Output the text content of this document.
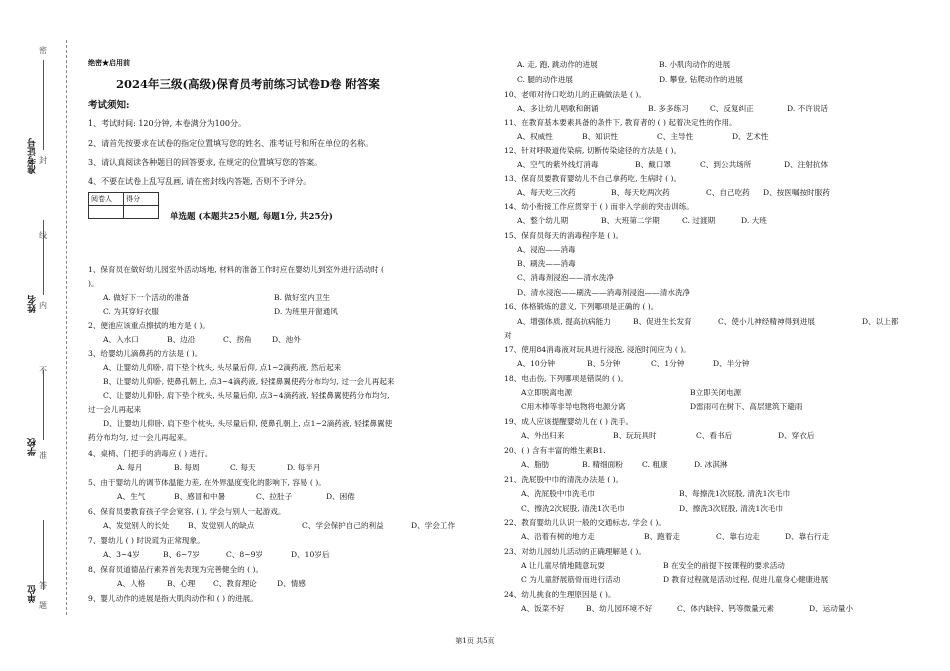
准考证号
姓名
学校
单位
密
封
线
内
不
准
答
题
绝密★启用前
2024年三级(高级)保育员考前练习试卷D卷 附答案
考试须知:
1、考试时间: 120分钟, 本卷满分为100分。
2、请首先按要求在试卷的指定位置填写您的姓名、准考证号和所在单位的名称。
3、请认真阅读各种题目的回答要求, 在规定的位置填写您的答案。
4、不要在试卷上乱写乱画, 请在密封线内答题, 否则不予评分。
阅卷人	得分

单选题 (本题共25小题, 每题1分, 共25分)
1、保育员在做好幼儿园室外活动场地, 材料的准备工作时应在婴幼儿到室外进行活动时 (
)。
A. 做好下一个活动的准备	B. 做好室内卫生
C. 为其穿好衣服	D. 为班里开窗通风
2、便池应该重点擦拭的地方是 ( )。
A、入水口	B、边沿	C、拐角	D、池外
3、给婴幼儿滴鼻药的方法是 ( )。
A、让婴幼儿仰卧, 肩下垫个枕头, 头尽量后仰, 点1~2滴药液, 然后起来
B、让婴幼儿仰卧, 使鼻孔朝上, 点3~4滴药液, 轻揉鼻翼使药分布均匀, 过一会儿再起来
C、让婴幼儿仰卧, 肩下垫个枕头, 头尽量后仰, 点3~4滴药液, 轻揉鼻翼使药分布均匀,
过一会儿再起来
D、让婴幼儿仰卧, 肩下垫个枕头, 头尽量后仰, 使鼻孔朝上, 点1~2滴药液, 轻揉鼻翼使
药分布均匀, 过一会儿再起来。
4、桌椅、门把手的消毒应 ( ) 进行。
A. 每月	B. 每周	C. 每天	D. 每半月
5、由于婴幼儿的调节体温能力差, 在外界温度变化的影响下, 容易 ( )。
A、生气	B、感冒和中暑	C、拉肚子	D、困倦
6、保育员要教育孩子学会宽容, ( ), 学会与别人一起游戏。
A、发觉别人的长处 B、发觉别人的缺点	C、学会保护自己的利益	D、学会工作
7、婴幼儿 ( ) 时说谎为正常现象。
A、3~4岁	B、6~7岁	C、8~9岁	D、10岁后
8、保育员道德品行素养首先表现为完善健全的 ( )。
A、人格	B、心理 C、教育理论	D、情感
9、婴儿动作的进展是指大肌肉动作和 ( ) 的进展。
A. 走, 跑, 跳动作的进展	B. 小肌肉动作的进展
C. 腿的动作进展	D. 攀登, 钻爬动作的进展
10、老师对待口吃幼儿的正确做法是 ( )。
A、多让幼儿唱歌和朗诵	B. 多多练习	C、反复纠正	D. 不许说话
11、在教育基本要素具备的条件下, 教育者的 ( ) 起着决定性的作用。
A、权威性	B、知识性	C、主导性	D、艺术性
12、针对呼吸道传染病, 切断传染途径的方法是 ( )。
A、空气的紫外线灯消毒	B、戴口罩	C、到公共场所	D、注射抗体
13、保育员要教育婴幼儿不自己拿药吃, 生病时 ( )。
A、每天吃三次药	B、每天吃两次药	C、自己吃药 D、按医嘱按时服药
14、幼小衔接工作应贯穿于 ( ) 而非入学前的突击训练。
A、整个幼儿期	B、大班第二学期	C. 过渡期	D. 大班
15、保育员每天的消毒程序是 ( )。
A、浸泡——消毒
B、刷洗——消毒
C、消毒剂浸泡——清水洗净
D、清水浸泡——刷洗——消毒剂浸泡——清水洗净
16、体格锻炼的意义, 下列哪项是正确的 ( )。
A、增强体质, 提高抗病能力	B、促进生长发育	C、使小儿神经精神得到进展	D、以上都
对
17、使用84消毒液对玩具进行浸泡, 浸泡时间应为 ( )。
A、10分钟	B、5分钟	C、1分钟	D、半分钟
18、电击伤, 下列哪项是错误的 ( )。
A立即脱离电源	B立即关闭电源
C用木棒等非导电物将电源分离	D雷雨可在树下、高层建筑下避雨
19、成人应该提醒婴幼儿在 ( ) 洗手。
A、外出归来	B、玩玩具时	C、看书后	D、穿衣后
20、( ) 含有丰富的维生素B1.
A、脂肪	B. 精细面粉	C. 粗康	D. 冰淇淋
21、洗屁股中巾的清洗办法是 ( )。
A、洗屁股中巾洗毛巾	B、每擦洗1次屁股, 清洗1次毛巾
C、擦洗2次屁股, 清洗1次毛巾	D、擦洗3次屁股, 清洗1次毛巾
22、教育婴幼儿认识一般的交通标志, 学会 ( )。
A、沿着有树的地方走	B、跑着走	C、靠右边走	D、靠右行走
23、对幼儿园幼儿活动的正确理解是 ( )。
A 让儿童尽情地随意玩耍	B 在安全的前提下按课程的要求活动
C 为儿童舒展筋骨而进行活动	D 教育过程就是活动过程, 促进儿童身心健康进展
24、幼儿挑食的生理原因是 ( )。
A、饭菜不好	B、幼儿园环境不好	C、体内缺锌、钙等微量元素	D、运动量小
第1页 共5页
